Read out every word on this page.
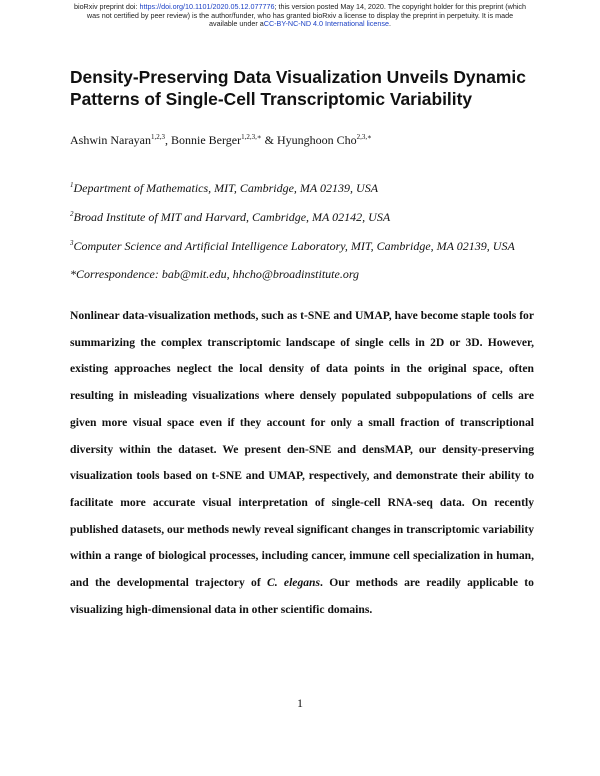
bioRxiv preprint doi: https://doi.org/10.1101/2020.05.12.077776; this version posted May 14, 2020. The copyright holder for this preprint (which
was not certified by peer review) is the author/funder, who has granted bioRxiv a license to display the preprint in perpetuity. It is made
available under aCC-BY-NC-ND 4.0 International license.
Density-Preserving Data Visualization Unveils Dynamic Patterns of Single-Cell Transcriptomic Variability
Ashwin Narayan$^{1,2,3}$, Bonnie Berger$^{1,2,3,∗}$ & Hyunghoon Cho$^{2,3,∗}$
$^1$Department of Mathematics, MIT, Cambridge, MA 02139, USA
$^2$Broad Institute of MIT and Harvard, Cambridge, MA 02142, USA
$^3$Computer Science and Artificial Intelligence Laboratory, MIT, Cambridge, MA 02139, USA
*Correspondence: bab@mit.edu, hhcho@broadinstitute.org

Nonlinear data-visualization methods, such as t-SNE and UMAP, have become staple tools for summarizing the complex transcriptomic landscape of single cells in 2D or 3D. However, existing approaches neglect the local density of data points in the original space, often resulting in misleading visualizations where densely populated subpopulations of cells are given more visual space even if they account for only a small fraction of transcriptional diversity within the dataset. We present den-SNE and densMAP, our density-preserving visualization tools based on t-SNE and UMAP, respectively, and demonstrate their ability to facilitate more accurate visual interpretation of single-cell RNA-seq data. On recently published datasets, our methods newly reveal significant changes in transcriptomic variability within a range of biological processes, including cancer, immune cell specialization in human, and the developmental trajectory of C. elegans. Our methods are readily applicable to visualizing high-dimensional data in other scientific domains.

1
